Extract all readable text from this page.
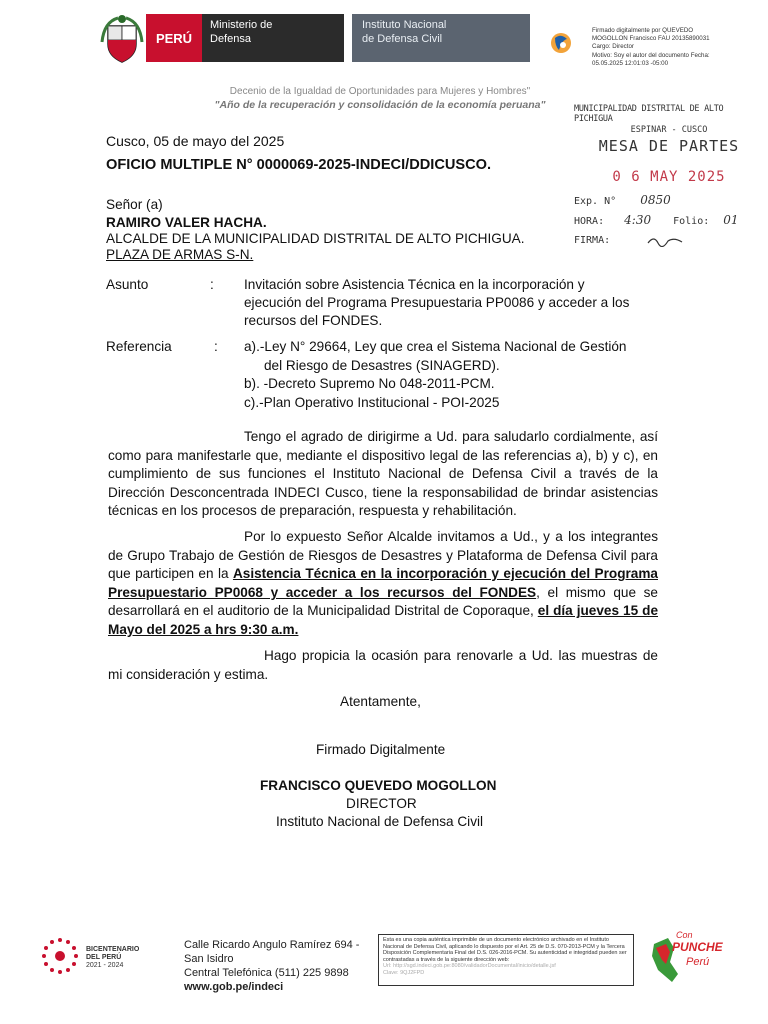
PERÚ
Ministerio de
Defensa
Instituto Nacional
de Defensa Civil
Firmado digitalmente por QUEVEDO
MOGOLLON Francisco FAU 20135890031
Cargo: Director
Motivo: Soy el autor del documento Fecha:
05.05.2025 12:01:03 -05:00
Decenio de la Igualdad de Oportunidades para Mujeres y Hombres"
"Año de la recuperación y consolidación de la economía peruana"	MUNICIPALIDAD DISTRITAL DE ALTO PICHIGUA
ESPINAR - CUSCO
MESA DE PARTES
0 6 MAY 2025
Exp. N° 0850
HORA: 4:30 Folio: 01
FIRMA:
Cusco, 05 de mayo del 2025
OFICIO MULTIPLE N° 0000069-2025-INDECI/DDICUSCO.
Señor (a)
RAMIRO VALER HACHA.
ALCALDE DE LA MUNICIPALIDAD DISTRITAL DE ALTO PICHIGUA.
PLAZA DE ARMAS S-N.
Asunto	: Invitación sobre Asistencia Técnica en la incorporación y
ejecución del Programa Presupuestaria PP0086 y acceder a los
recursos del FONDES.
Referencia	: a).-Ley N° 29664, Ley que crea el Sistema Nacional de Gestión
del Riesgo de Desastres (SINAGERD).
b). -Decreto Supremo No 048-2011-PCM.
c).-Plan Operativo Institucional - POI-2025
Tengo el agrado de dirigirme a Ud. para saludarlo cordialmente, así como para manifestarle que, mediante el dispositivo legal de las referencias a), b) y c), en cumplimiento de sus funciones el Instituto Nacional de Defensa Civil a través de la Dirección Desconcentrada INDECI Cusco, tiene la responsabilidad de brindar asistencias técnicas en los procesos de preparación, respuesta y rehabilitación.
Por lo expuesto Señor Alcalde invitamos a Ud., y a los integrantes de Grupo Trabajo de Gestión de Riesgos de Desastres y Plataforma de Defensa Civil para que participen en la Asistencia Técnica en la incorporación y ejecución del Programa Presupuestario PP0068 y acceder a los recursos del FONDES, el mismo que se desarrollará en el auditorio de la Municipalidad Distrital de Coporaque, el día jueves 15 de Mayo del 2025 a hrs 9:30 a.m.
Hago propicia la ocasión para renovarle a Ud. las muestras de mi consideración y estima.
Atentamente,
Firmado Digitalmente
FRANCISCO QUEVEDO MOGOLLON
DIRECTOR
Instituto Nacional de Defensa Civil
BICENTENARIO
DEL PERÚ
2021 - 2024
Calle Ricardo Angulo Ramírez 694 -
San Isidro
Central Telefónica (511) 225 9898
www.gob.pe/indeci
Esta es una copia auténtica imprimible de un documento electrónico archivado en el Instituto Nacional de Defensa Civil, aplicando lo dispuesto por el Art. 25 de D.S. 070-2013-PCM y la Tercera Disposición Complementaria Final del D.S. 026-2016-PCM. Su autenticidad e integridad pueden ser contrastadas a través de la siguiente dirección web:
Url: http://sgd.indeci.gob.pe:8080/validadorDocumental/inicio/detalle.jsf
Clave: 9QJ2FPD
Con
PUNCHE
Perú
